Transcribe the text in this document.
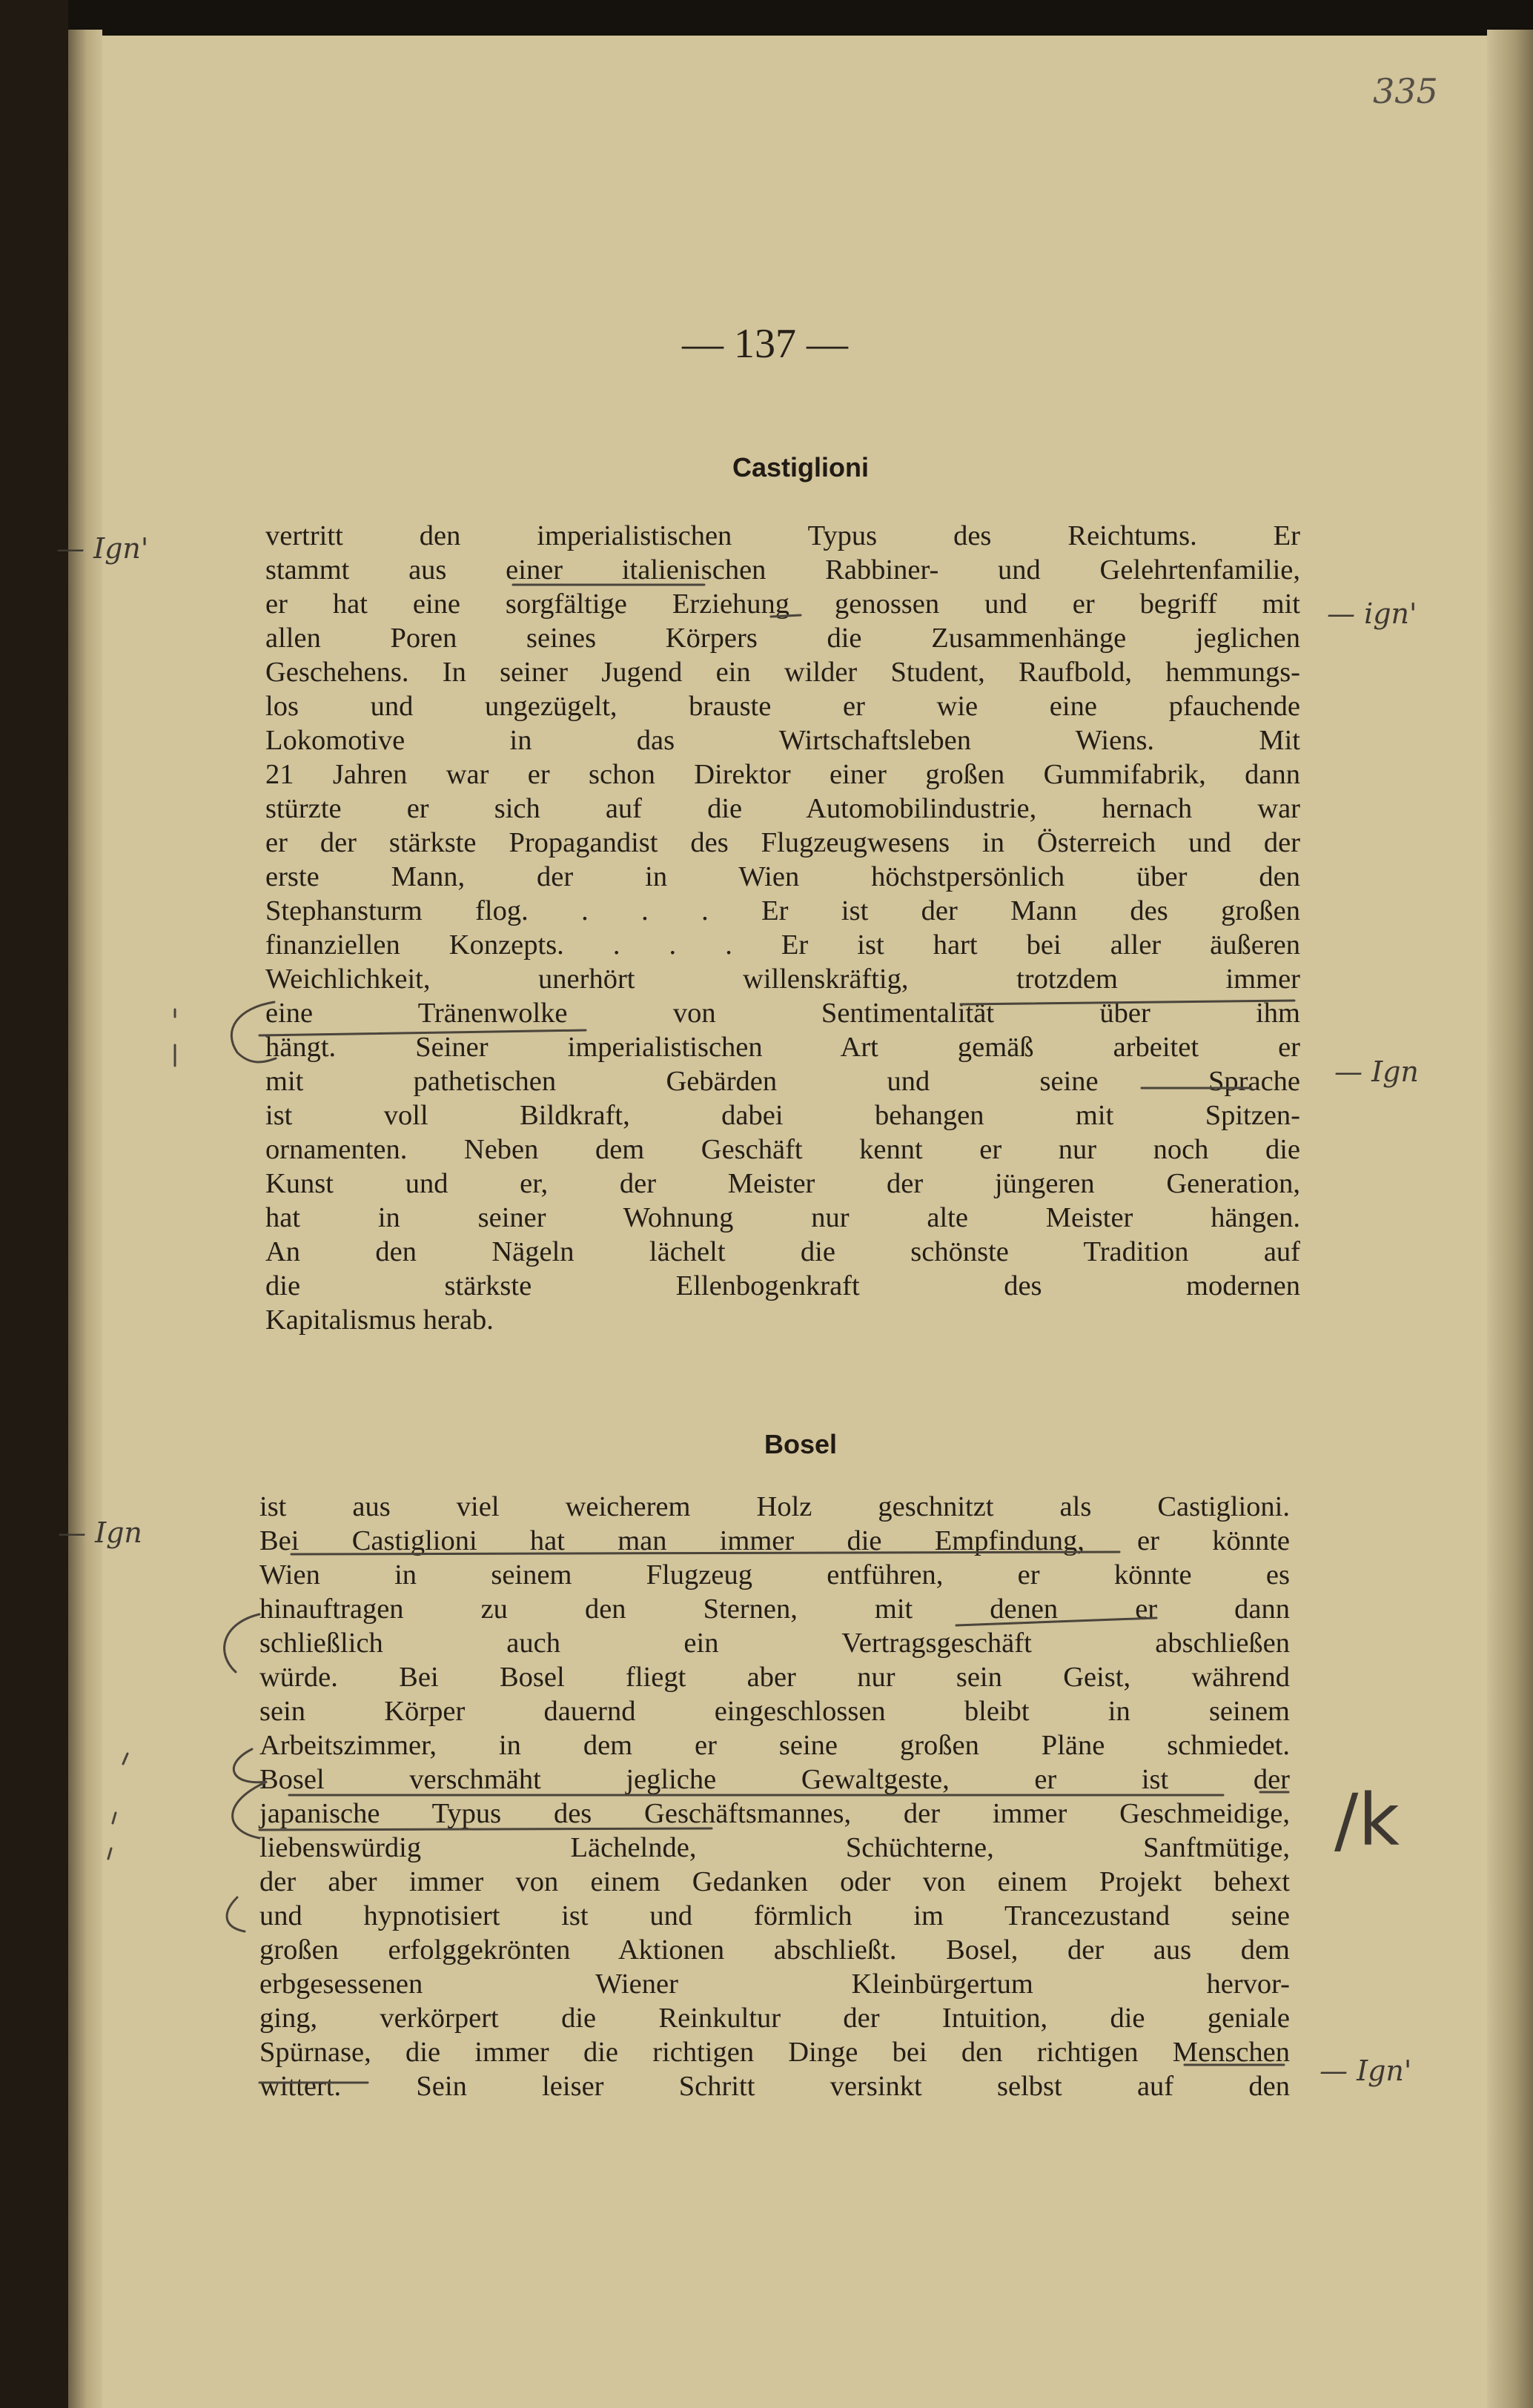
335
— 137 —
Castiglioni
vertritt den imperialistischen Typus des Reichtums. Er
stammt aus einer italienischen Rabbiner- und Gelehrtenfamilie,
er hat eine sorgfältige Erziehung genossen und er begriff mit
allen Poren seines Körpers die Zusammenhänge jeglichen
Geschehens. In seiner Jugend ein wilder Student, Raufbold, hemmungs-
los und ungezügelt, brauste er wie eine pfauchende
Lokomotive in das Wirtschaftsleben Wiens. Mit
21 Jahren war er schon Direktor einer großen Gummifabrik, dann
stürzte er sich auf die Automobilindustrie, hernach war
er der stärkste Propagandist des Flugzeugwesens in Österreich und der
erste Mann, der in Wien höchstpersönlich über den
Stephansturm flog. . . . Er ist der Mann des großen
finanziellen Konzepts. . . . Er ist hart bei aller äußeren
Weichlichkeit, unerhört willenskräftig, trotzdem immer
eine Tränenwolke von Sentimentalität über ihm
hängt. Seiner imperialistischen Art gemäß arbeitet er
mit pathetischen Gebärden und seine Sprache
ist voll Bildkraft, dabei behangen mit Spitzen-
ornamenten. Neben dem Geschäft kennt er nur noch die
Kunst und er, der Meister der jüngeren Generation,
hat in seiner Wohnung nur alte Meister hängen.
An den Nägeln lächelt die schönste Tradition auf
die stärkste Ellenbogenkraft des modernen
Kapitalismus herab.
Bosel
ist aus viel weicherem Holz geschnitzt als Castiglioni.
Bei Castiglioni hat man immer die Empfindung, er könnte
Wien in seinem Flugzeug entführen, er könnte es
hinauftragen zu den Sternen, mit denen er dann
schließlich auch ein Vertragsgeschäft abschließen
würde. Bei Bosel fliegt aber nur sein Geist, während
sein Körper dauernd eingeschlossen bleibt in seinem
Arbeitszimmer, in dem er seine großen Pläne schmiedet.
Bosel verschmäht jegliche Gewaltgeste, er ist der
japanische Typus des Geschäftsmannes, der immer Geschmeidige,
liebenswürdig Lächelnde, Schüchterne, Sanftmütige,
der aber immer von einem Gedanken oder von einem Projekt behext
und hypnotisiert ist und förmlich im Trancezustand seine
großen erfolggekrönten Aktionen abschließt. Bosel, der aus dem
erbgesessenen Wiener Kleinbürgertum hervor-
ging, verkörpert die Reinkultur der Intuition, die geniale
Spürnase, die immer die richtigen Dinge bei den richtigen Menschen
wittert. Sein leiser Schritt versinkt selbst auf den
— Ign'
— ign'
— Ign
— Ign
/k
— Ign'
